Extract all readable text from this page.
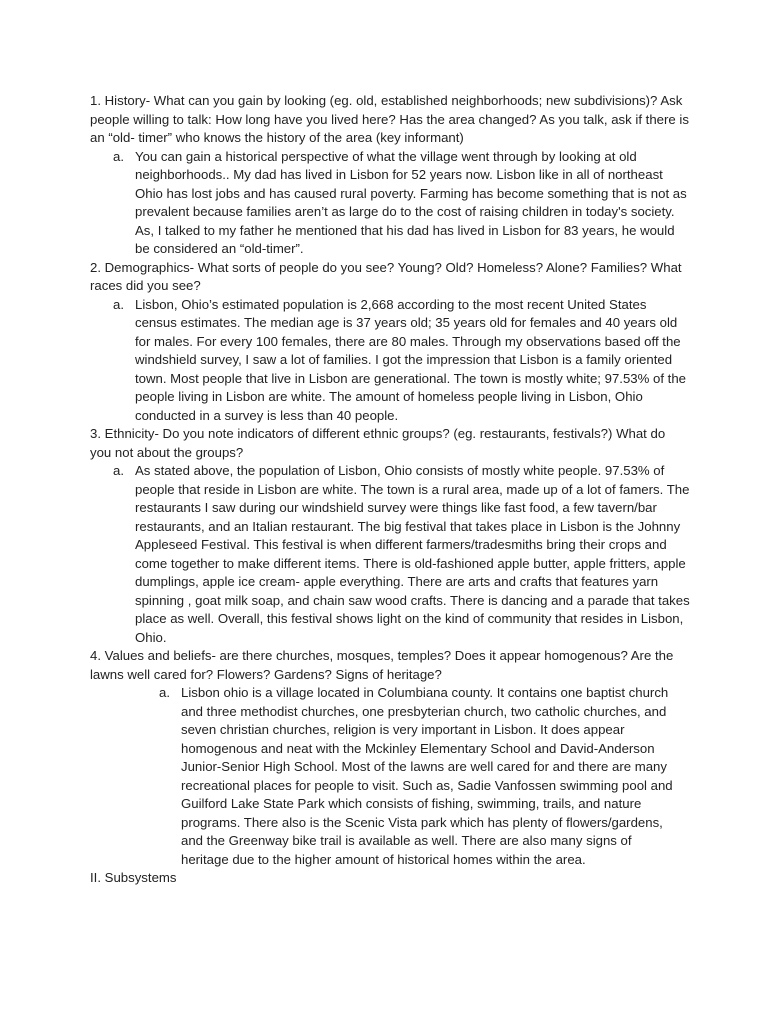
1. History- What can you gain by looking (eg. old, established neighborhoods; new subdivisions)? Ask people willing to talk: How long have you lived here? Has the area changed? As you talk, ask if there is an “old- timer” who knows the history of the area (key informant)

a. You can gain a historical perspective of what the village went through by looking at old neighborhoods.. My dad has lived in Lisbon for 52 years now. Lisbon like in all of northeast Ohio has lost jobs and has caused rural poverty. Farming has become something that is not as prevalent because families aren’t as large do to the cost of raising children in today's society. As, I talked to my father he mentioned that his dad has lived in Lisbon for 83 years, he would be considered an “old-timer”.

2. Demographics- What sorts of people do you see? Young? Old? Homeless? Alone? Families? What races did you see?

a. Lisbon, Ohio’s estimated population is 2,668 according to the most recent United States census estimates. The median age is 37 years old; 35 years old for females and 40 years old for males. For every 100 females, there are 80 males. Through my observations based off the windshield survey, I saw a lot of families. I got the impression that Lisbon is a family oriented town. Most people that live in Lisbon are generational. The town is mostly white; 97.53% of the people living in Lisbon are white. The amount of homeless people living in Lisbon, Ohio conducted in a survey is less than 40 people.

3. Ethnicity- Do you note indicators of different ethnic groups? (eg. restaurants, festivals?) What do you not about the groups?

a. As stated above, the population of Lisbon, Ohio consists of mostly white people. 97.53% of people that reside in Lisbon are white. The town is a rural area, made up of a lot of famers. The restaurants I saw during our windshield survey were things like fast food, a few tavern/bar restaurants, and an Italian restaurant. The big festival that takes place in Lisbon is the Johnny Appleseed Festival. This festival is when different farmers/tradesmiths bring their crops and come together to make different items. There is old-fashioned apple butter, apple fritters, apple dumplings, apple ice cream- apple everything. There are arts and crafts that features yarn spinning , goat milk soap, and chain saw wood crafts. There is dancing and a parade that takes place as well. Overall, this festival shows light on the kind of community that resides in Lisbon, Ohio.

4. Values and beliefs- are there churches, mosques, temples? Does it appear homogenous? Are the lawns well cared for? Flowers? Gardens? Signs of heritage?

a. Lisbon ohio is a village located in Columbiana county. It contains one baptist church and three methodist churches, one presbyterian church, two catholic churches, and seven christian churches, religion is very important in Lisbon. It does appear homogenous and neat with the Mckinley Elementary School and David-Anderson Junior-Senior High School. Most of the lawns are well cared for and there are many recreational places for people to visit. Such as, Sadie Vanfossen swimming pool and Guilford Lake State Park which consists of fishing, swimming, trails, and nature programs. There also is the Scenic Vista park which has plenty of flowers/gardens, and the Greenway bike trail is available as well. There are also many signs of heritage due to the higher amount of historical homes within the area.

II. Subsystems
